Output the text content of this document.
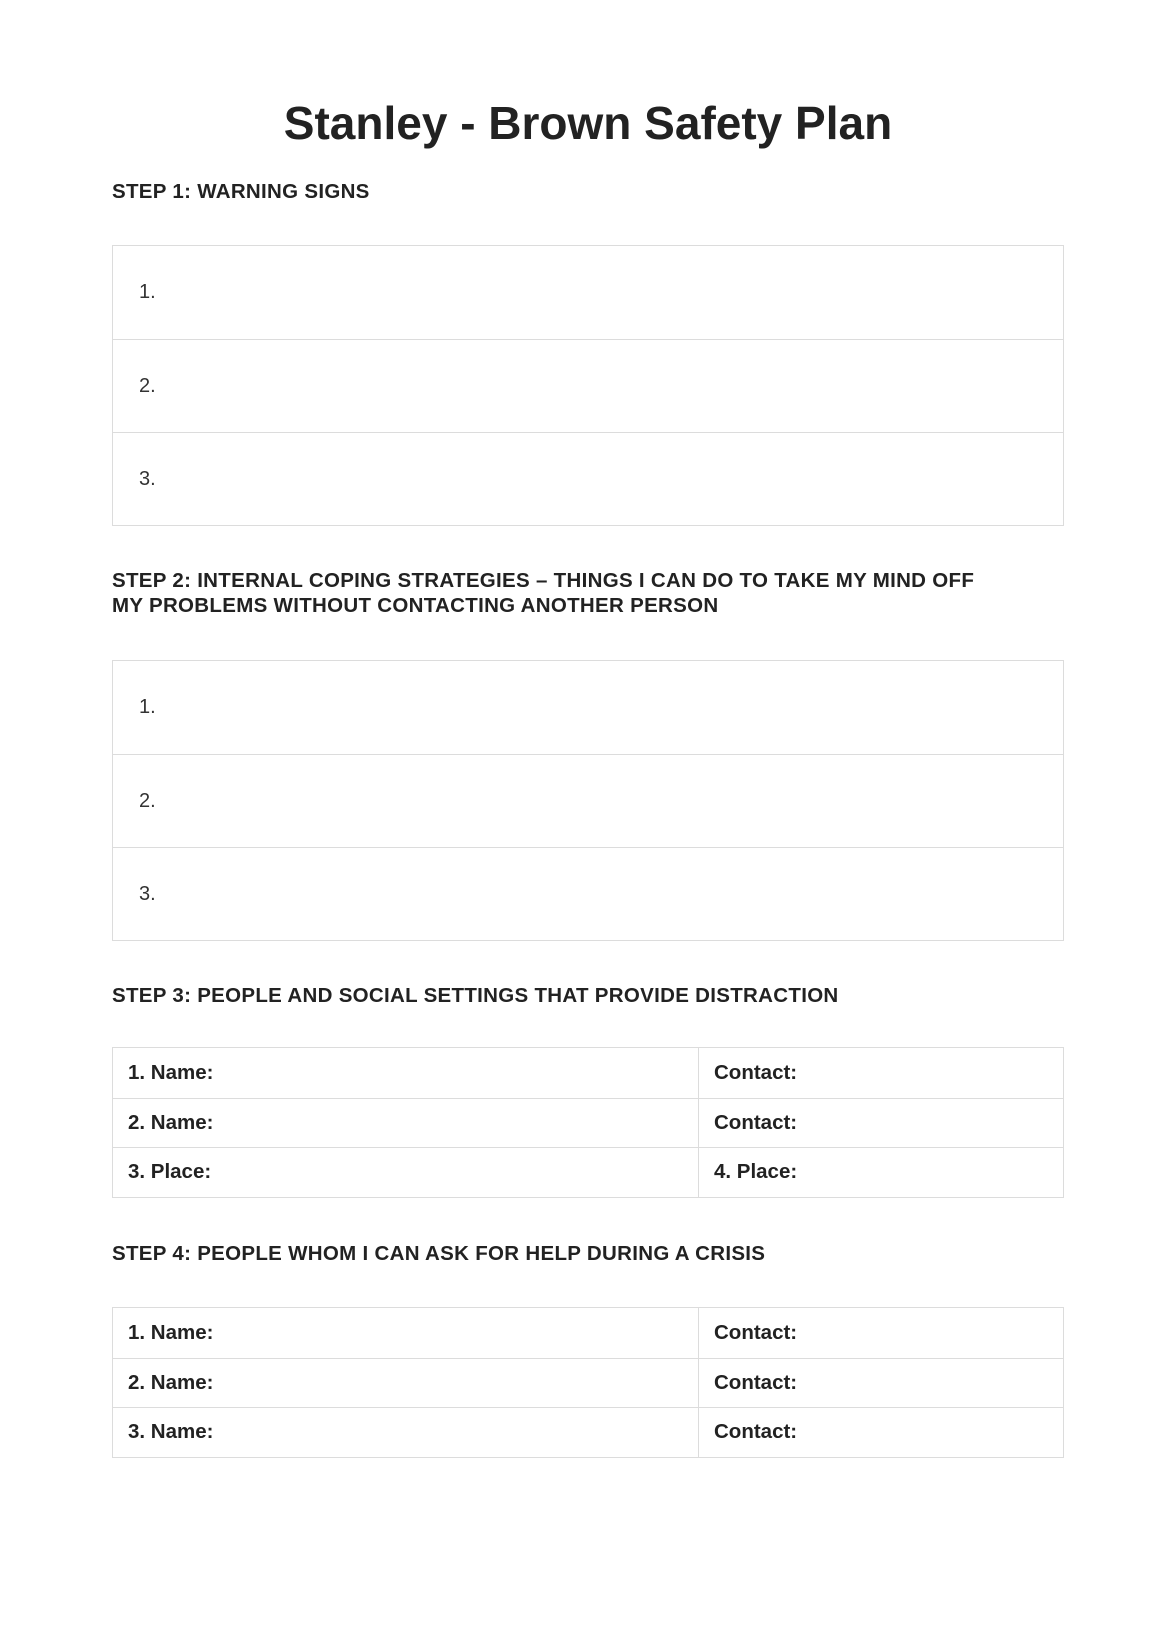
Stanley - Brown Safety Plan
STEP 1: WARNING SIGNS
1.
2.
3.
STEP 2: INTERNAL COPING STRATEGIES – THINGS I CAN DO TO TAKE MY MIND OFF
MY PROBLEMS WITHOUT CONTACTING ANOTHER PERSON
1.
2.
3.
STEP 3: PEOPLE AND SOCIAL SETTINGS THAT PROVIDE DISTRACTION
1. Name:	Contact:
2. Name:	Contact:
3. Place:	4. Place:
STEP 4: PEOPLE WHOM I CAN ASK FOR HELP DURING A CRISIS
1. Name:	Contact:
2. Name:	Contact:
3. Name:	Contact:
